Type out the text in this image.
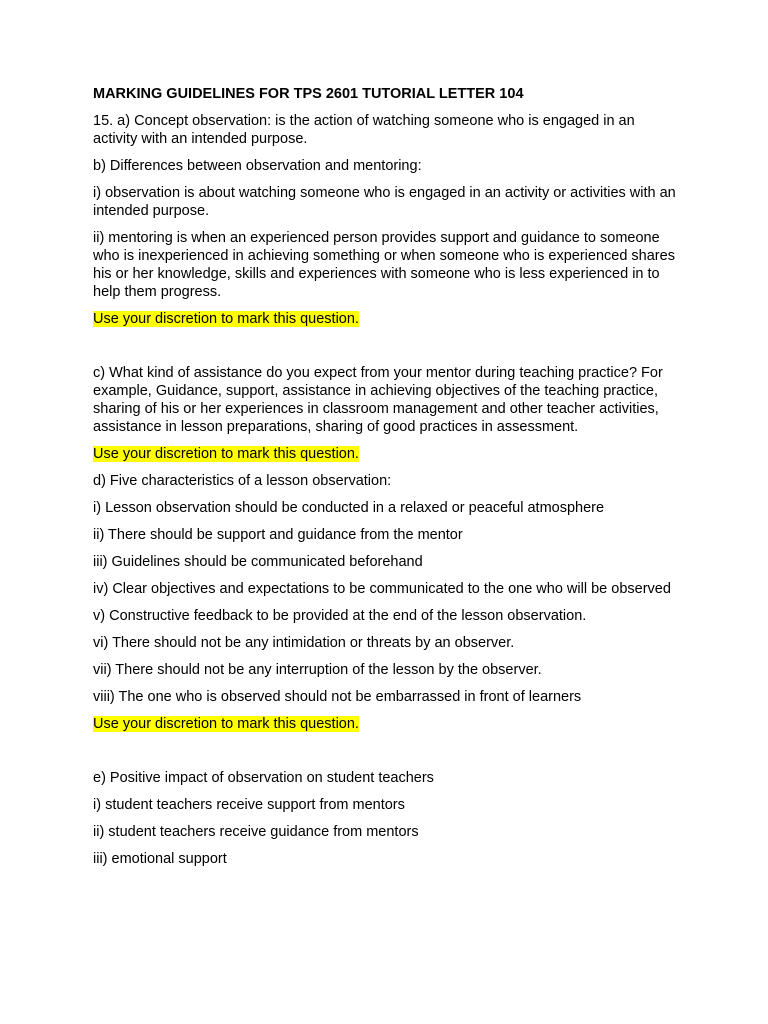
MARKING GUIDELINES FOR TPS 2601 TUTORIAL LETTER 104
15. a) Concept observation: is the action of watching someone who is engaged in an activity with an intended purpose.
b) Differences between observation and mentoring:
i) observation is about watching someone who is engaged in an activity or activities with an intended purpose.
ii) mentoring is when an experienced person provides support and guidance to someone who is inexperienced in achieving something or when someone who is experienced shares his or her knowledge, skills and experiences with someone who is less experienced in to help them progress.
Use your discretion to mark this question.
c) What kind of assistance do you expect from your mentor during teaching practice? For example, Guidance, support, assistance in achieving objectives of the teaching practice, sharing of his or her experiences in classroom management and other teacher activities, assistance in lesson preparations, sharing of good practices in assessment.
Use your discretion to mark this question.
d) Five characteristics of a lesson observation:
i) Lesson observation should be conducted in a relaxed or peaceful atmosphere
ii) There should be support and guidance from the mentor
iii) Guidelines should be communicated beforehand
iv) Clear objectives and expectations to be communicated to the one who will be observed
v) Constructive feedback to be provided at the end of the lesson observation.
vi) There should not be any intimidation or threats by an observer.
vii) There should not be any interruption of the lesson by the observer.
viii) The one who is observed should not be embarrassed in front of learners
Use your discretion to mark this question.
e) Positive impact of observation on student teachers
i) student teachers receive support from mentors
ii) student teachers receive guidance from mentors
iii) emotional support
